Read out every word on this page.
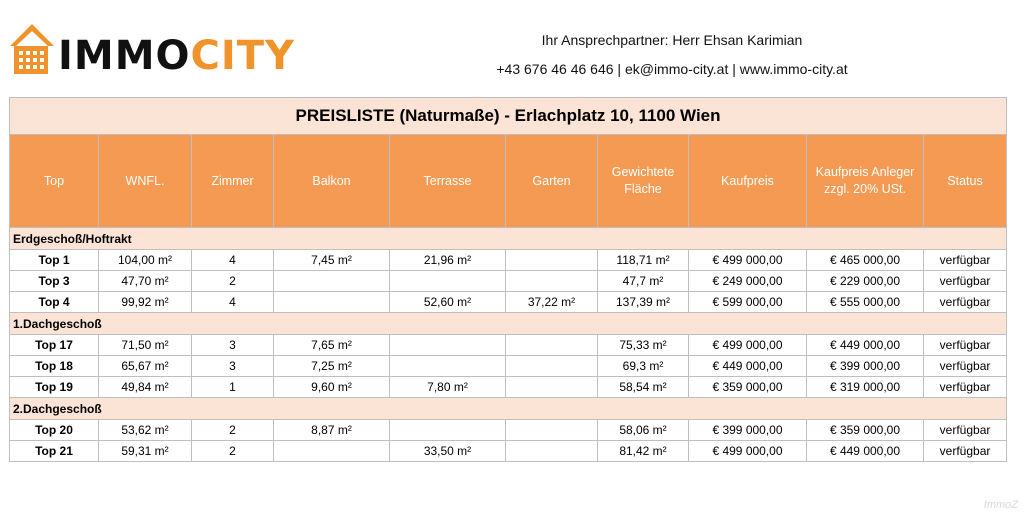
IMMOCITY	Ihr Ansprechpartner: Herr Ehsan Karimian
+43 676 46 46 646 | ek@immo-city.at | www.immo-city.at
PREISLISTE (Naturmaße) - Erlachplatz 10, 1100 Wien									
Top	WNFL.	Zimmer	Balkon	Terrasse	Garten	Gewichtete
Fläche	Kaufpreis	Kaufpreis Anleger
zzgl. 20% USt.	Status
Erdgeschoß/Hoftrakt									
Top 1	104,00 m²	4	7,45 m²	21,96 m²		118,71 m²	€ 499 000,00	€ 465 000,00	verfügbar
Top 3	47,70 m²	2				47,7 m²	€ 249 000,00	€ 229 000,00	verfügbar
Top 4	99,92 m²	4		52,60 m²	37,22 m²	137,39 m²	€ 599 000,00	€ 555 000,00	verfügbar
1.Dachgeschoß									
Top 17	71,50 m²	3	7,65 m²			75,33 m²	€ 499 000,00	€ 449 000,00	verfügbar
Top 18	65,67 m²	3	7,25 m²			69,3 m²	€ 449 000,00	€ 399 000,00	verfügbar
Top 19	49,84 m²	1	9,60 m²	7,80 m²		58,54 m²	€ 359 000,00	€ 319 000,00	verfügbar
2.Dachgeschoß									
Top 20	53,62 m²	2	8,87 m²			58,06 m²	€ 399 000,00	€ 359 000,00	verfügbar
Top 21	59,31 m²	2		33,50 m²		81,42 m²	€ 499 000,00	€ 449 000,00	verfügbar
ImmoZ
